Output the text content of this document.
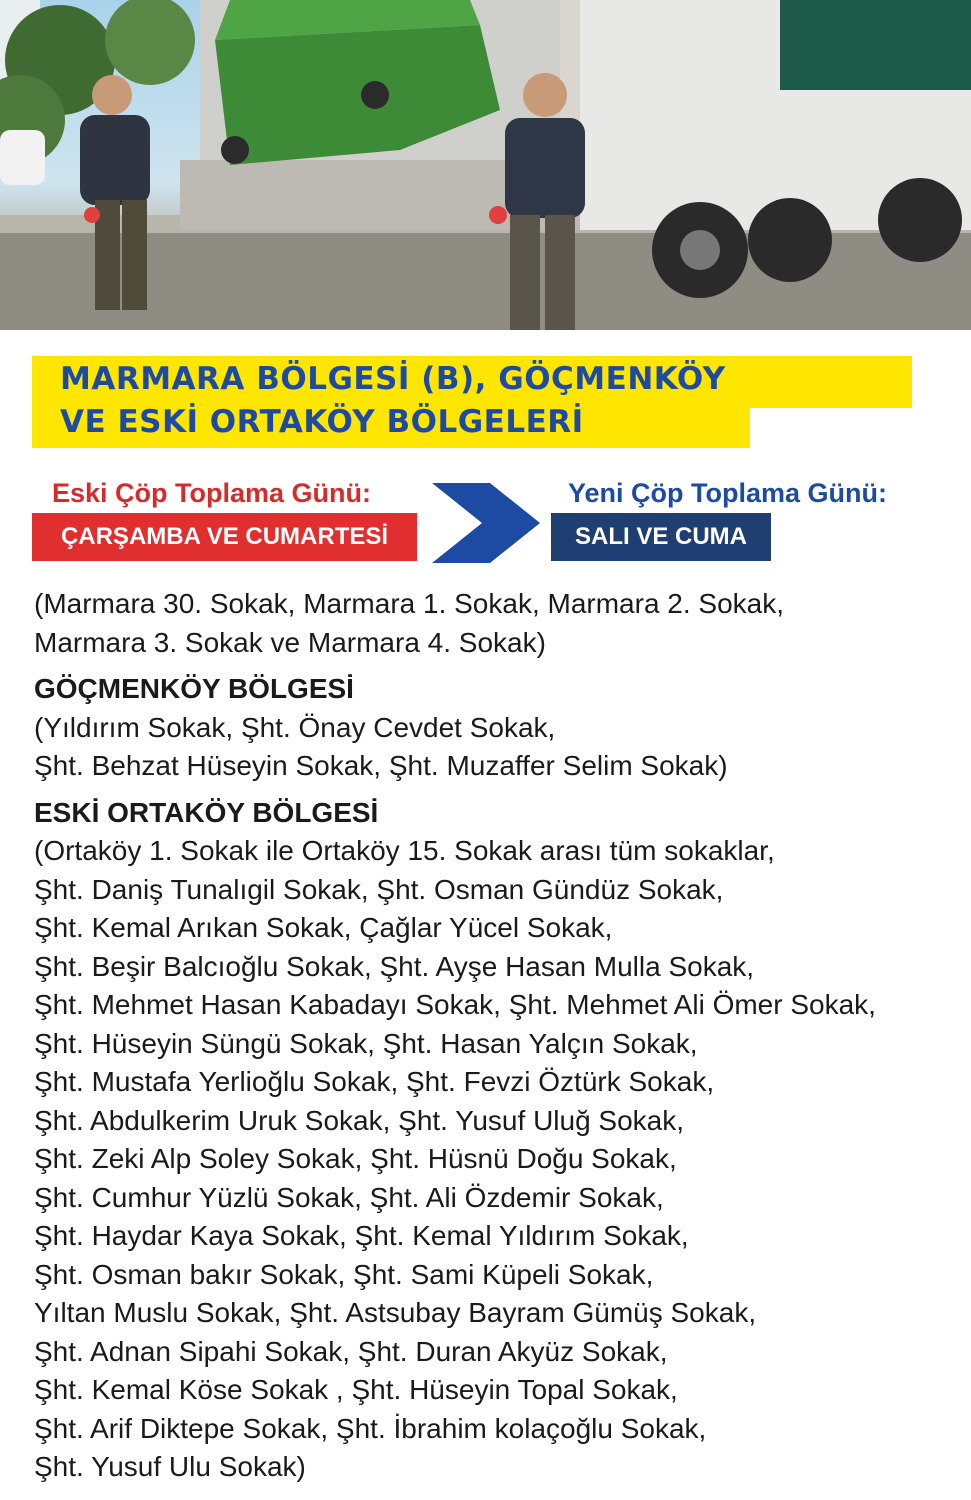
MARMARA BÖLGESİ (B), GÖÇMENKÖY
VE ESKİ ORTAKÖY BÖLGELERİ
Eski Çöp Toplama Günü:
ÇARŞAMBA VE CUMARTESİ
Yeni Çöp Toplama Günü:
SALI VE CUMA
(Marmara 30. Sokak, Marmara 1. Sokak, Marmara 2. Sokak,
Marmara 3. Sokak ve Marmara 4. Sokak)
GÖÇMENKÖY BÖLGESİ
(Yıldırım Sokak, Şht. Önay Cevdet Sokak,
Şht. Behzat Hüseyin Sokak, Şht. Muzaffer Selim Sokak)
ESKİ ORTAKÖY BÖLGESİ
(Ortaköy 1. Sokak ile Ortaköy 15. Sokak arası tüm sokaklar,
Şht. Daniş Tunalıgil Sokak, Şht. Osman Gündüz Sokak,
Şht. Kemal Arıkan Sokak, Çağlar Yücel Sokak,
Şht. Beşir Balcıoğlu Sokak, Şht. Ayşe Hasan Mulla Sokak,
Şht. Mehmet Hasan Kabadayı Sokak, Şht. Mehmet Ali Ömer Sokak,
Şht. Hüseyin Süngü Sokak, Şht. Hasan Yalçın Sokak,
Şht. Mustafa Yerlioğlu Sokak, Şht. Fevzi Öztürk Sokak,
Şht. Abdulkerim Uruk Sokak, Şht. Yusuf Uluğ Sokak,
Şht. Zeki Alp Soley Sokak, Şht. Hüsnü Doğu Sokak,
Şht. Cumhur Yüzlü Sokak, Şht. Ali Özdemir Sokak,
Şht. Haydar Kaya Sokak, Şht. Kemal Yıldırım Sokak,
Şht. Osman bakır Sokak, Şht. Sami Küpeli Sokak,
Yıltan Muslu Sokak, Şht. Astsubay Bayram Gümüş Sokak,
Şht. Adnan Sipahi Sokak, Şht. Duran Akyüz Sokak,
Şht. Kemal Köse Sokak , Şht. Hüseyin Topal Sokak,
Şht. Arif Diktepe Sokak, Şht. İbrahim kolaçoğlu Sokak,
Şht. Yusuf Ulu Sokak)
